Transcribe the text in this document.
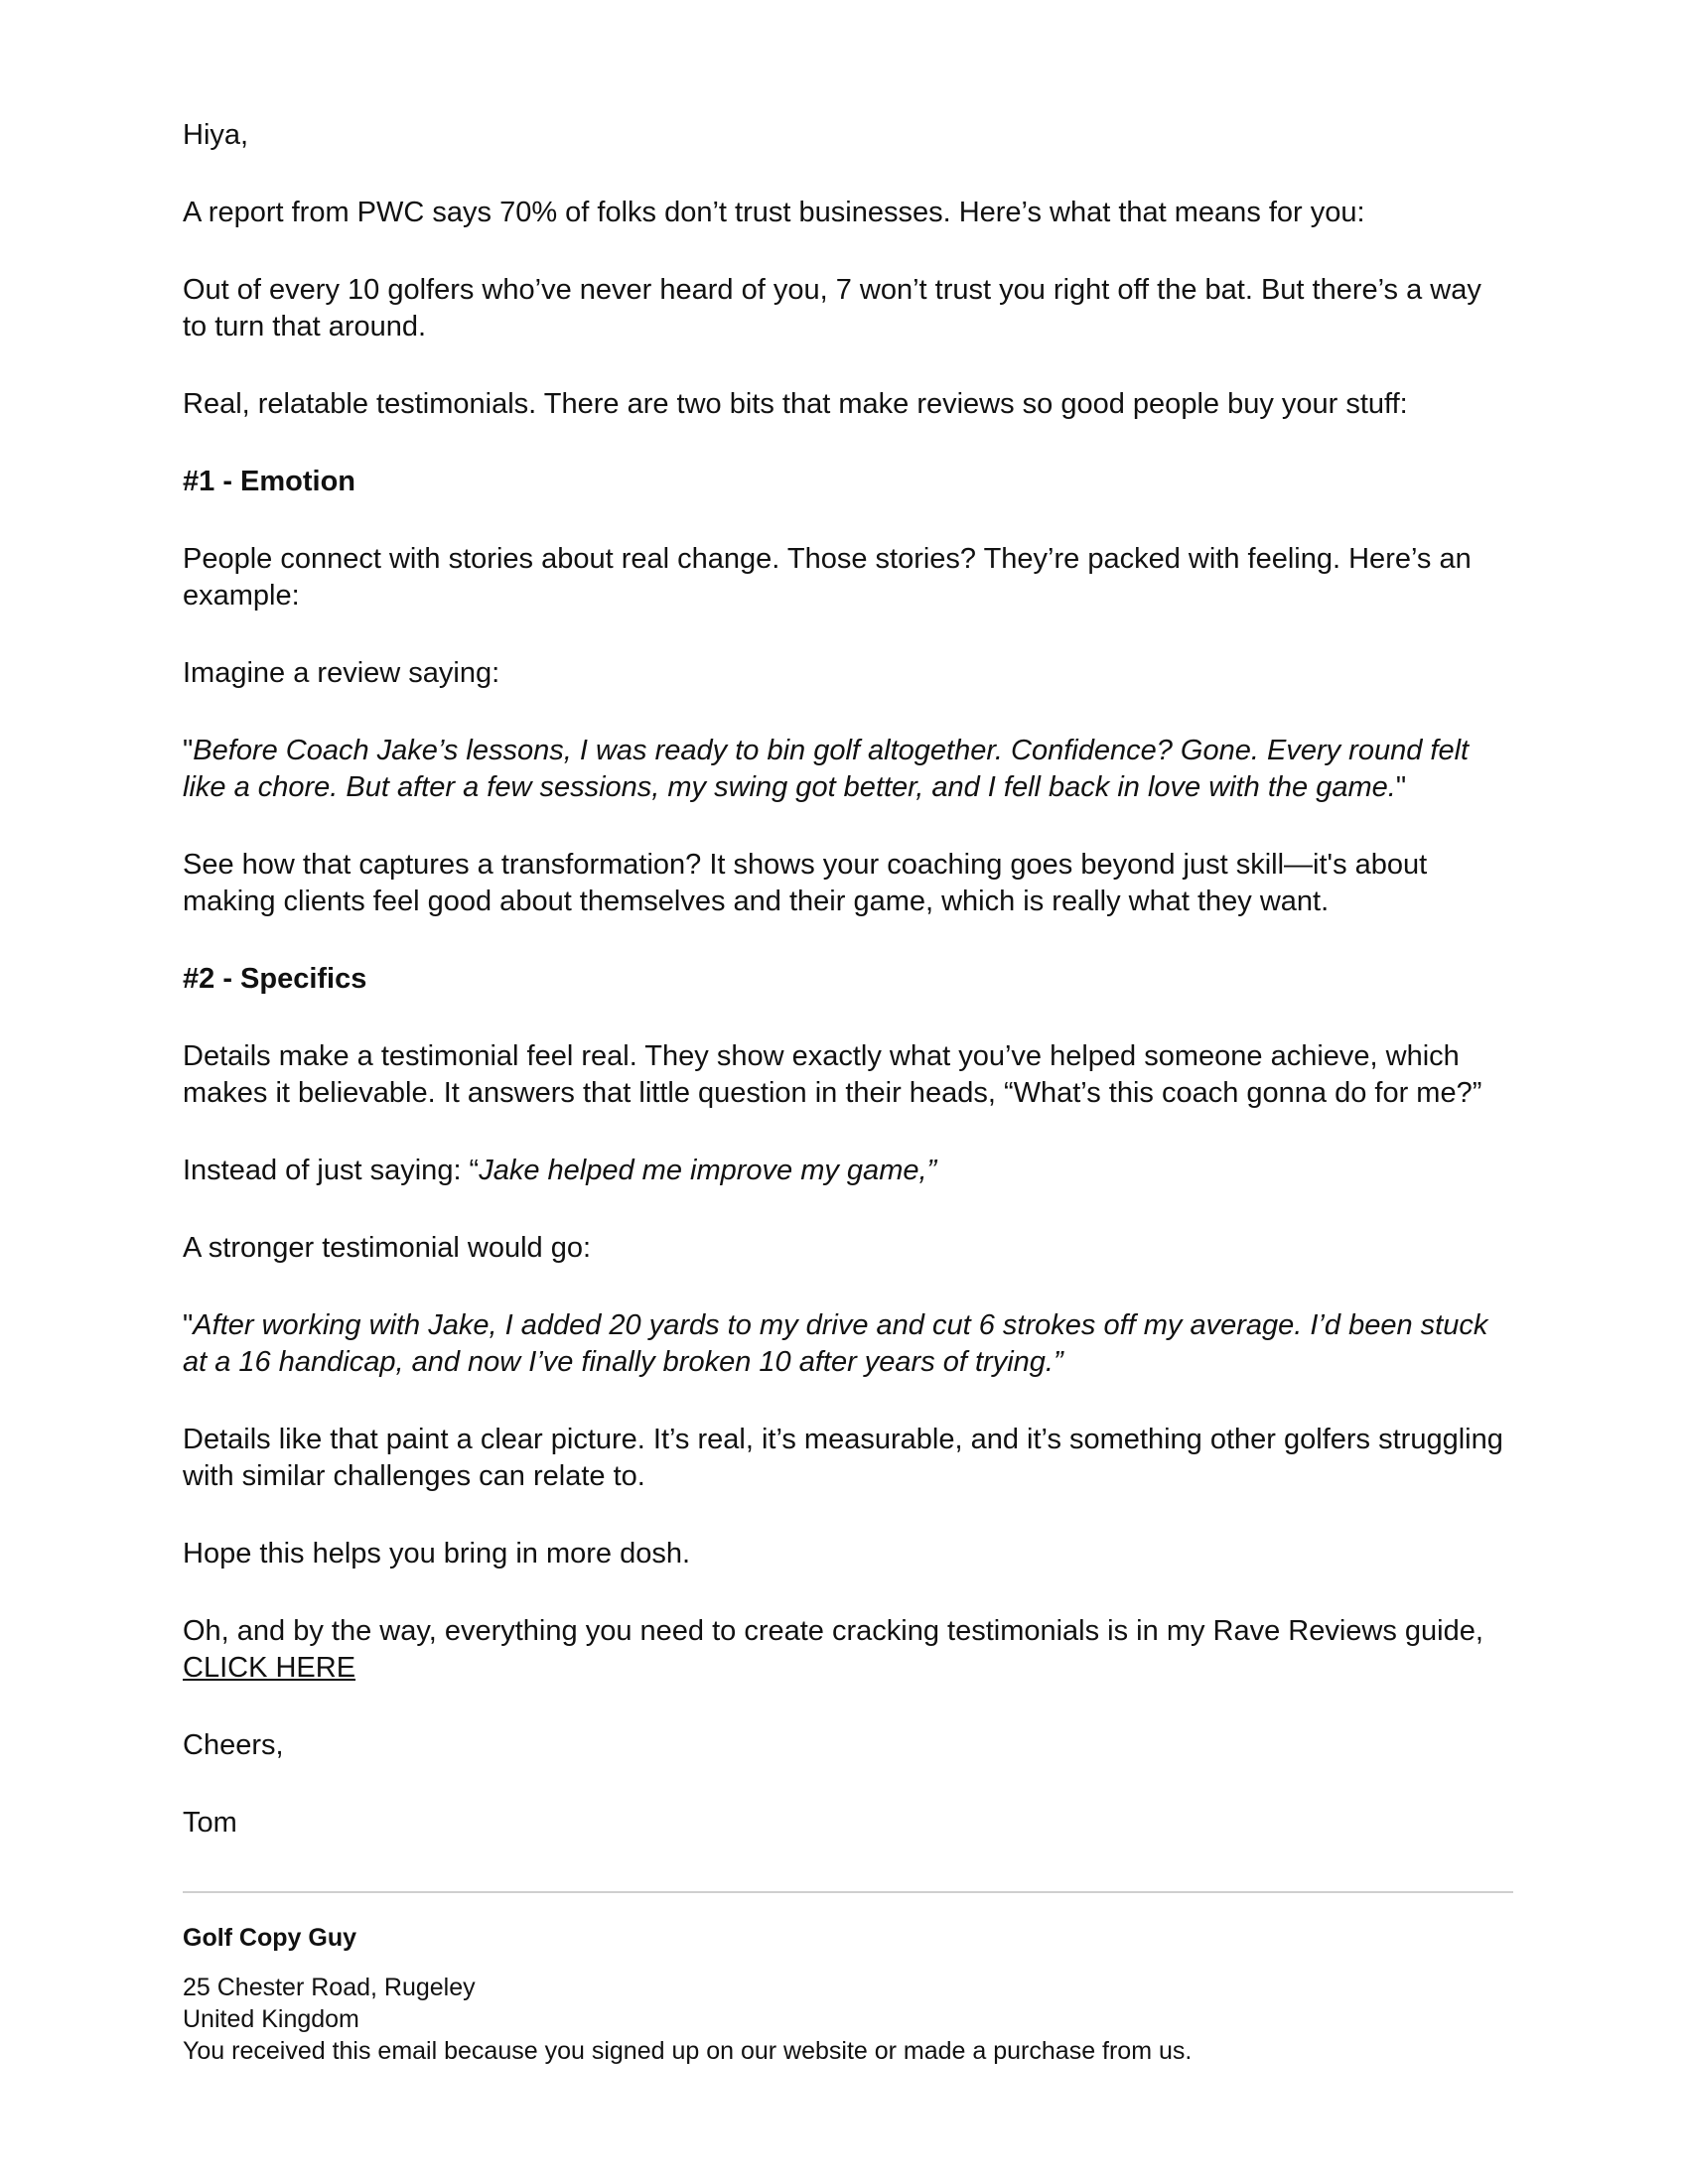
Hiya,

A report from PWC says 70% of folks don’t trust businesses. Here’s what that means for you:

Out of every 10 golfers who’ve never heard of you, 7 won’t trust you right off the bat. But there’s a way to turn that around.

Real, relatable testimonials. There are two bits that make reviews so good people buy your stuff:

#1 - Emotion

People connect with stories about real change. Those stories? They’re packed with feeling. Here’s an example:

Imagine a review saying:

"Before Coach Jake’s lessons, I was ready to bin golf altogether. Confidence? Gone. Every round felt like a chore. But after a few sessions, my swing got better, and I fell back in love with the game."

See how that captures a transformation? It shows your coaching goes beyond just skill—it's about making clients feel good about themselves and their game, which is really what they want.

#2 - Specifics

Details make a testimonial feel real. They show exactly what you’ve helped someone achieve, which makes it believable. It answers that little question in their heads, “What’s this coach gonna do for me?”

Instead of just saying: “Jake helped me improve my game,”

A stronger testimonial would go:

"After working with Jake, I added 20 yards to my drive and cut 6 strokes off my average. I’d been stuck at a 16 handicap, and now I’ve finally broken 10 after years of trying.”

Details like that paint a clear picture. It’s real, it’s measurable, and it’s something other golfers struggling with similar challenges can relate to.

Hope this helps you bring in more dosh.

Oh, and by the way, everything you need to create cracking testimonials is in my Rave Reviews guide,
CLICK HERE

Cheers,

Tom

Golf Copy Guy

25 Chester Road, Rugeley

United Kingdom

You received this email because you signed up on our website or made a purchase from us.
